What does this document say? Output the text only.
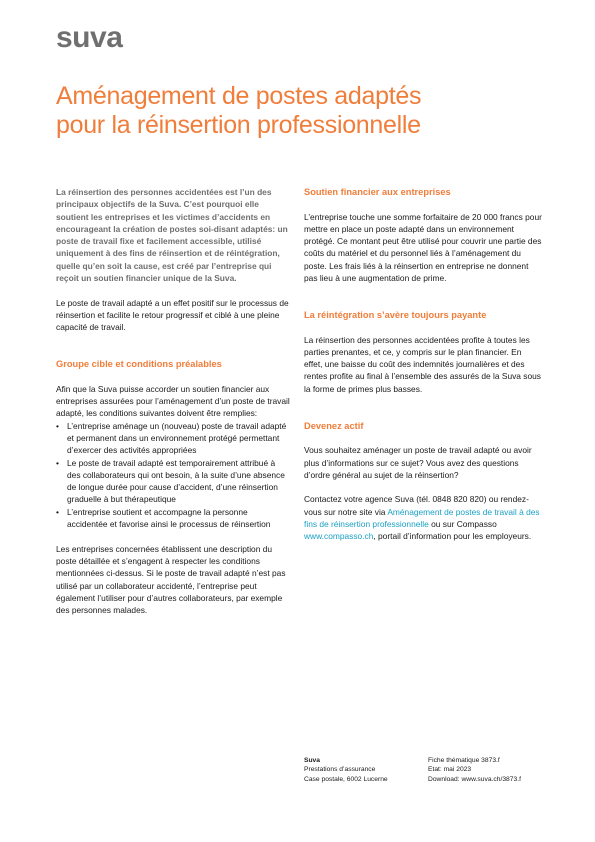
suva
Aménagement de postes adaptés
pour la réinsertion professionnelle

La réinsertion des personnes accidentées est l’un des principaux objectifs de la Suva. C’est pourquoi elle soutient les entreprises et les victimes d’accidents en encourageant la création de postes soi-disant adaptés: un poste de travail fixe et facilement accessible, utilisé uniquement à des fins de réinsertion et de réintégration, quelle qu’en soit la cause, est créé par l’entreprise qui reçoit un soutien financier unique de la Suva.

Le poste de travail adapté a un effet positif sur le processus de réinsertion et facilite le retour progressif et ciblé à une pleine capacité de travail.

Groupe cible et conditions préalables

Afin que la Suva puisse accorder un soutien financier aux entreprises assurées pour l’aménagement d’un poste de travail adapté, les conditions suivantes doivent être remplies:

• L’entreprise aménage un (nouveau) poste de travail adapté et permanent dans un environnement protégé permettant d’exercer des activités appropriées
• Le poste de travail adapté est temporairement attribué à des collaborateurs qui ont besoin, à la suite d’une absence de longue durée pour cause d’accident, d’une réinsertion graduelle à but thérapeutique
• L’entreprise soutient et accompagne la personne accidentée et favorise ainsi le processus de réinsertion

Les entreprises concernées établissent une description du poste détaillée et s’engagent à respecter les conditions mentionnées ci-dessus. Si le poste de travail adapté n’est pas utilisé par un collaborateur accidenté, l’entreprise peut également l’utiliser pour d’autres collaborateurs, par exemple des personnes malades.

Soutien financier aux entreprises

L’entreprise touche une somme forfaitaire de 20 000 francs pour mettre en place un poste adapté dans un environnement protégé. Ce montant peut être utilisé pour couvrir une partie des coûts du matériel et du personnel liés à l’aménagement du poste. Les frais liés à la réinsertion en entreprise ne donnent pas lieu à une augmentation de prime.

La réintégration s’avère toujours payante

La réinsertion des personnes accidentées profite à toutes les parties prenantes, et ce, y compris sur le plan financier. En effet, une baisse du coût des indemnités journalières et des rentes profite au final à l’ensemble des assurés de la Suva sous la forme de primes plus basses.

Devenez actif

Vous souhaitez aménager un poste de travail adapté ou avoir plus d’informations sur ce sujet? Vous avez des questions d’ordre général au sujet de la réinsertion?

Contactez votre agence Suva (tél. 0848 820 820) ou rendez-vous sur notre site via Aménagement de postes de travail à des fins de réinsertion professionnelle ou sur Compasso www.compasso.ch, portail d’information pour les employeurs.

Suva
Prestations d’assurance
Case postale, 6002 Lucerne
Fiche thématique 3873.f
Etat: mai 2023
Download: www.suva.ch/3873.f
